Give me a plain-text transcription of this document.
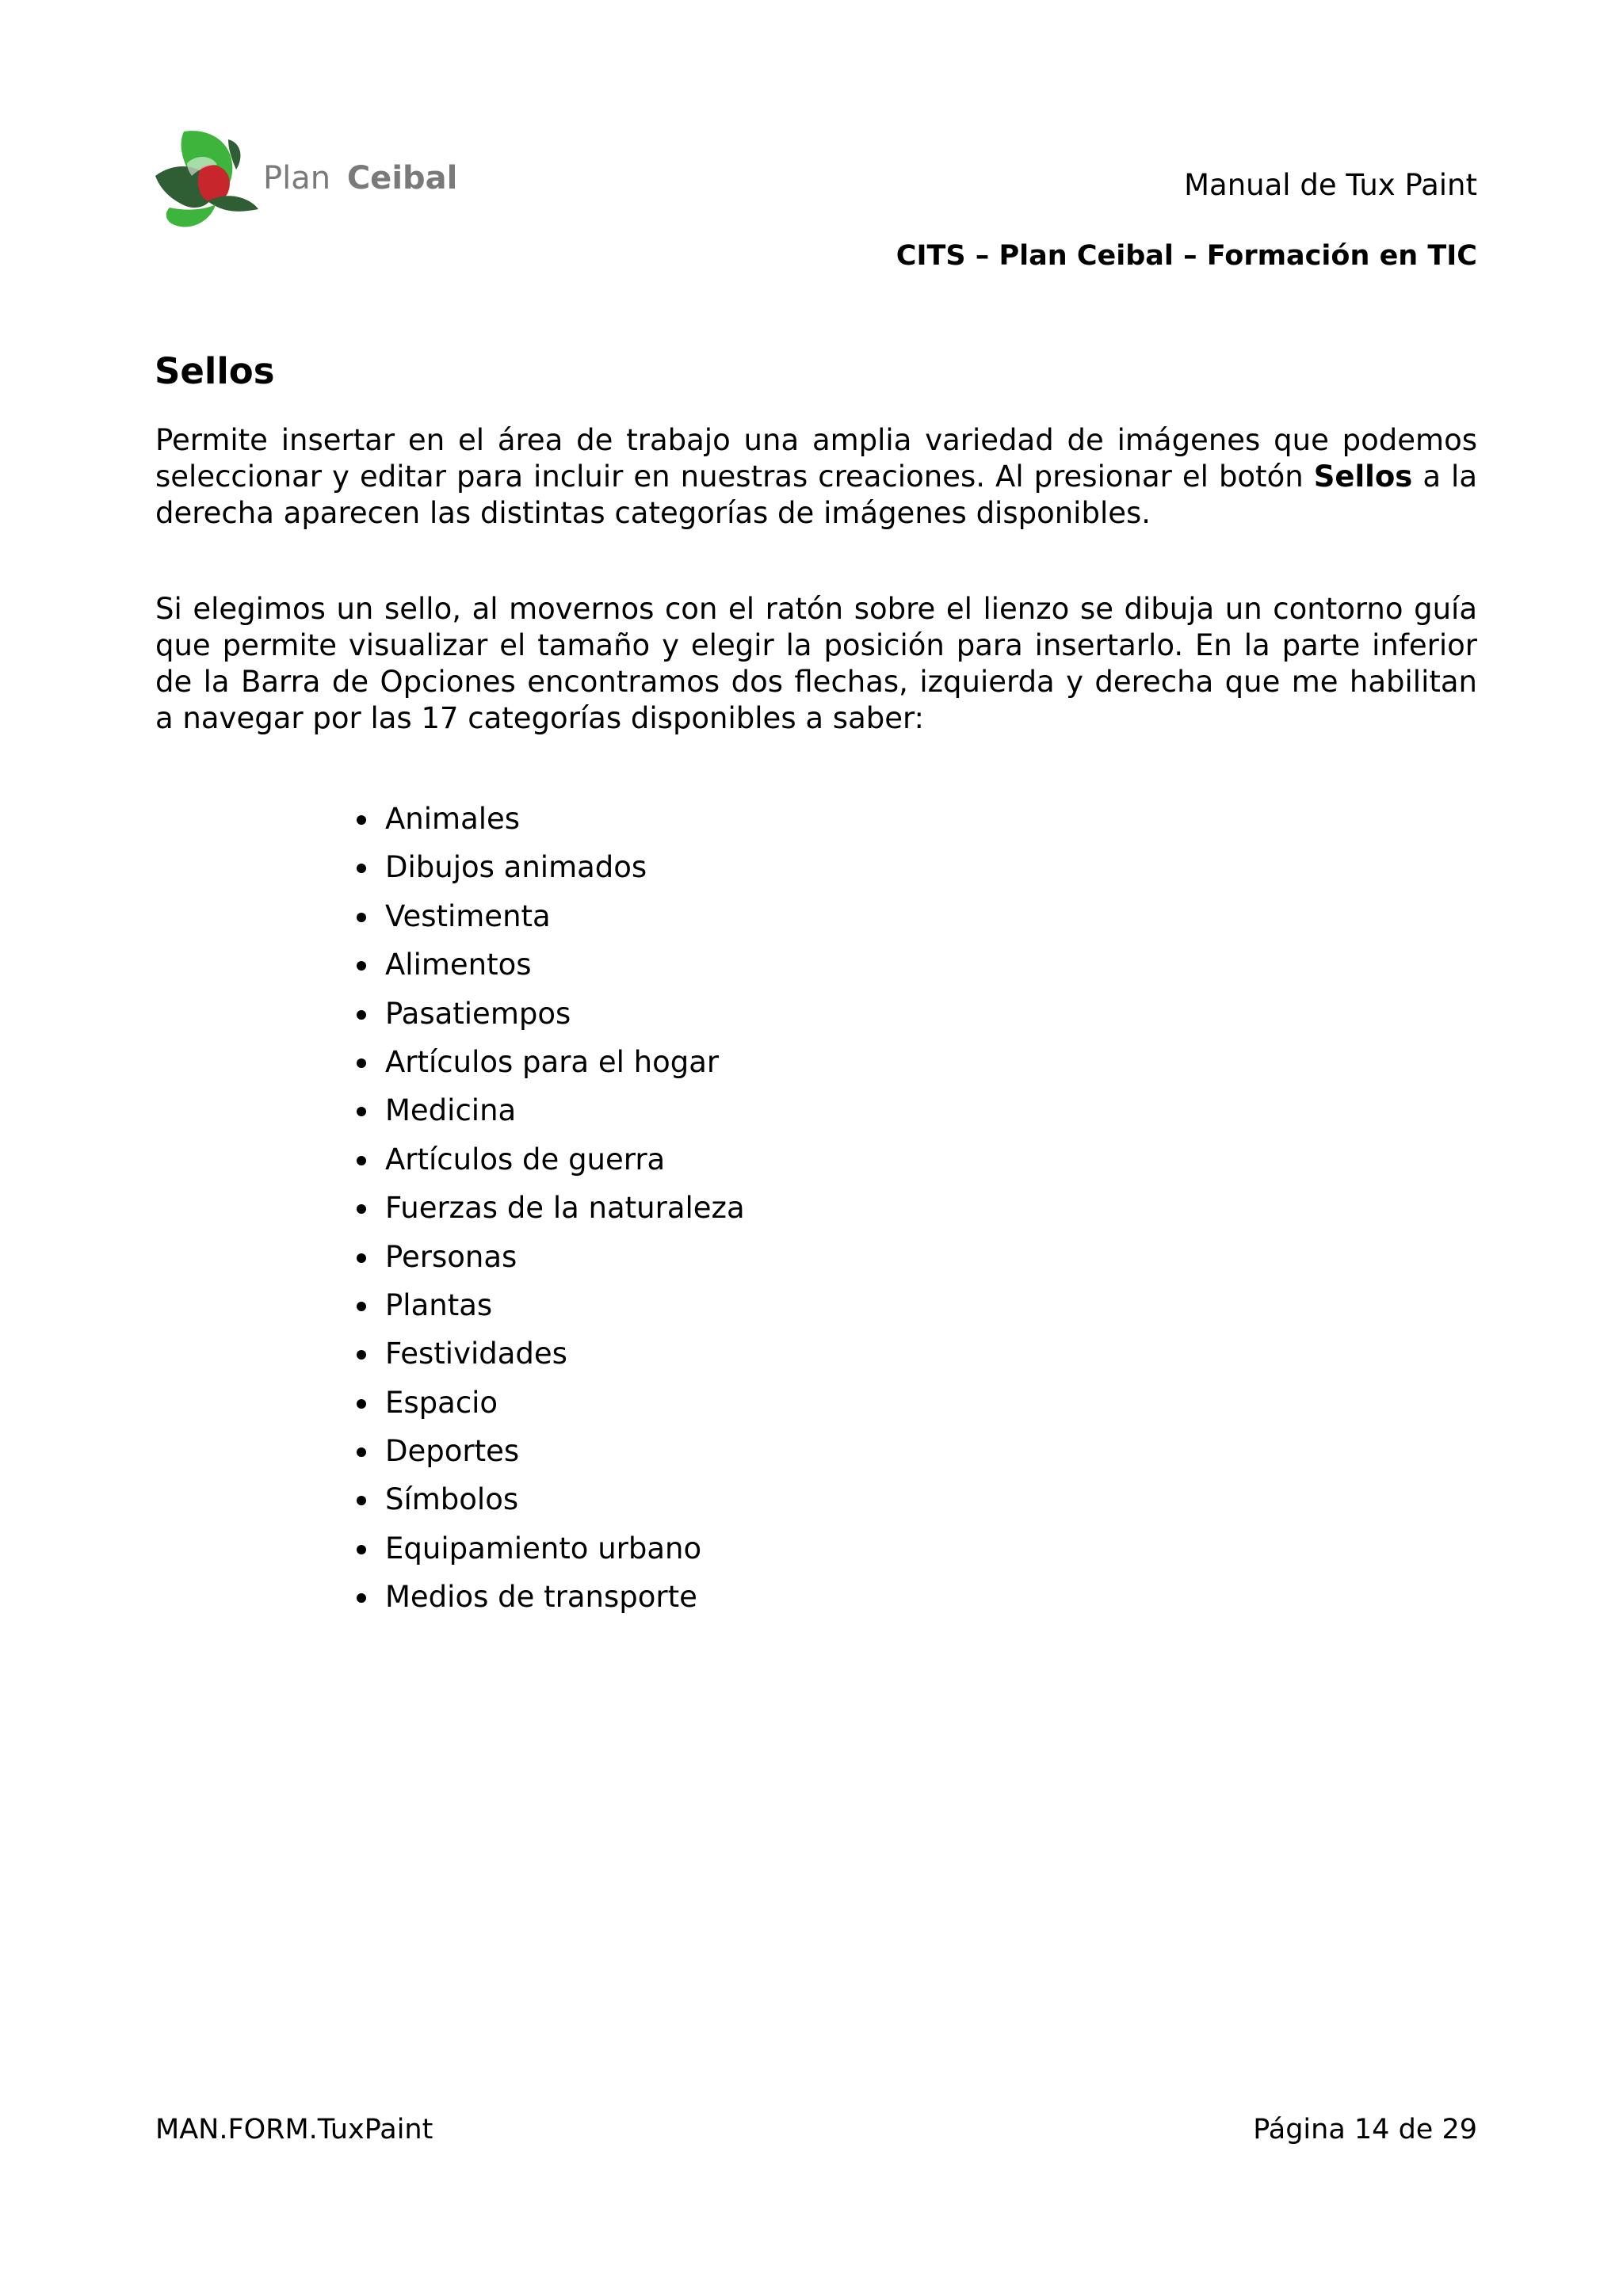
Plan Ceibal	Manual de Tux Paint
CITS – Plan Ceibal – Formación en TIC
Sellos

Permite insertar en el área de trabajo una amplia variedad de imágenes que podemos seleccionar y editar para incluir en nuestras creaciones. Al presionar el botón Sellos a la derecha aparecen las distintas categorías de imágenes disponibles.

Si elegimos un sello, al movernos con el ratón sobre el lienzo se dibuja un contorno guía que permite visualizar el tamaño y elegir la posición para insertarlo. En la parte inferior de la Barra de Opciones encontramos dos flechas, izquierda y derecha que me habilitan a navegar por las 17 categorías disponibles a saber:

Animales
Dibujos animados
Vestimenta
Alimentos
Pasatiempos
Artículos para el hogar
Medicina
Artículos de guerra
Fuerzas de la naturaleza
Personas
Plantas
Festividades
Espacio
Deportes
Símbolos
Equipamiento urbano
Medios de transporte
MAN.FORM.TuxPaint	Página 14 de 29
